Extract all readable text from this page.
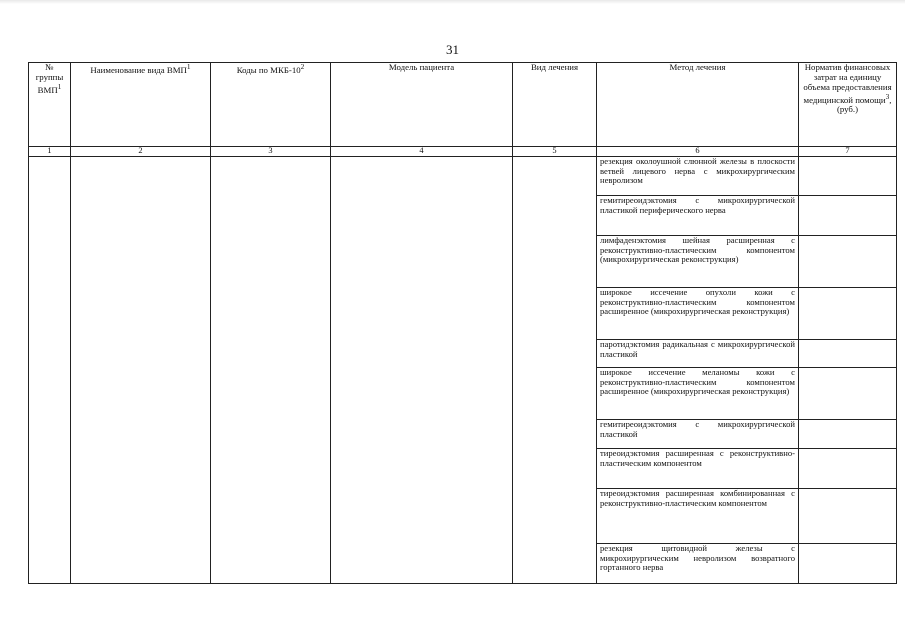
31
№ группы ВМП$^1$	Наименование вида ВМП$^1$	Коды по МКБ-$10^2$	Модель пациента	Вид лечения	Метод лечения	Норматив финансовых затрат на единицу объема предоставления медицинской помощи$^3$, (руб.)
1	2	3	4	5	6	7
					резекция околоушной слюнной железы в плоскости ветвей лицевого нерва с микрохирургическим невролизом	
					гемитиреоидэктомия с микрохирургической пластикой периферического нерва	
					лимфаденэктомия шейная расширенная с реконструктивно-пластическим компонентом (микрохирургическая реконструкция)	
					широкое иссечение опухоли кожи с реконструктивно-пластическим компонентом расширенное (микрохирургическая реконструкция)	
					паротидэктомия радикальная с микрохирургической пластикой	
					широкое иссечение меланомы кожи с реконструктивно-пластическим компонентом расширенное (микрохирургическая реконструкция)	
					гемитиреоидэктомия с микрохирургической пластикой	
					тиреоидэктомия расширенная с реконструктивно-пластическим компонентом	
					тиреоидэктомия расширенная комбинированная с реконструктивно-пластическим компонентом	
					резекция щитовидной железы с микрохирургическим невролизом возвратного гортанного нерва	
